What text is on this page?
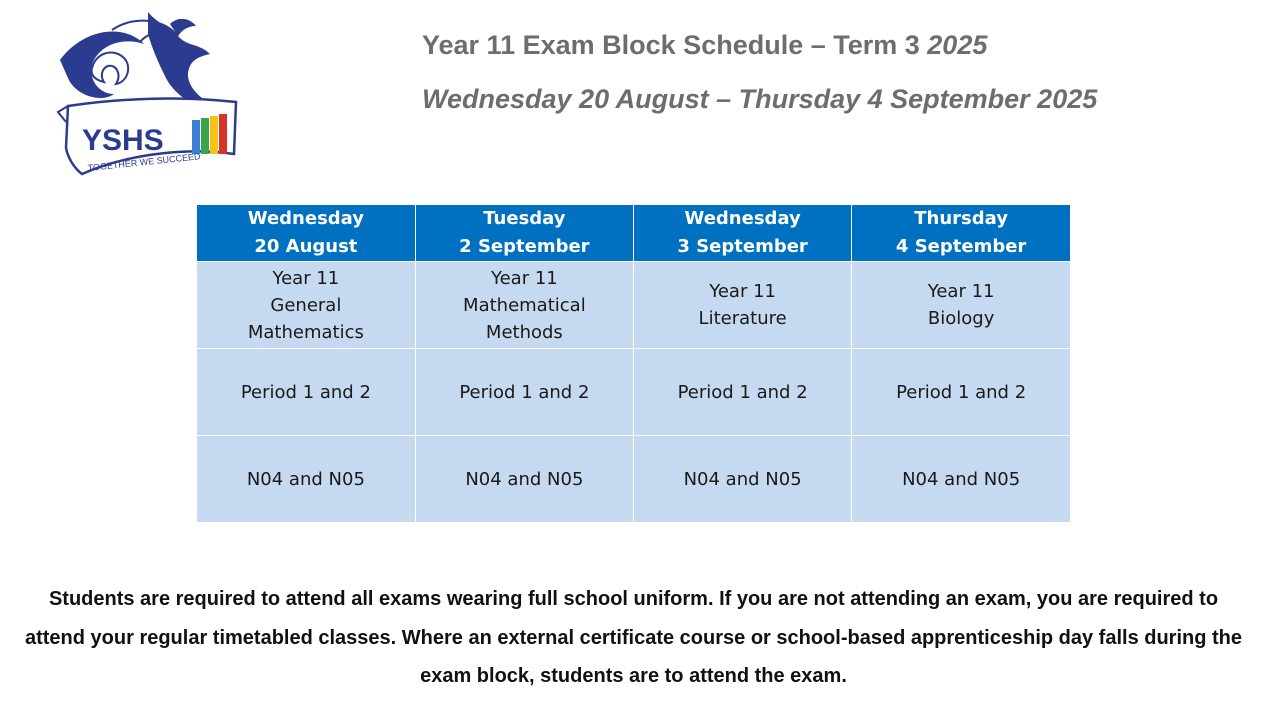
YSHS
TOGETHER WE SUCCEED
Year 11 Exam Block Schedule – Term 3 2025
Wednesday 20 August – Thursday 4 September 2025
Wednesday
20 August	Tuesday
2 September	Wednesday
3 September	Thursday
4 September

Year 11
General
Mathematics	Year 11
Mathematical
Methods	Year 11
Literature	Year 11
Biology

Period 1 and 2	Period 1 and 2	Period 1 and 2	Period 1 and 2
N04 and N05	N04 and N05	N04 and N05	N04 and N05

Students are required to attend all exams wearing full school uniform. If you are not attending an exam, you are required to attend your regular timetabled classes. Where an external certificate course or school-based apprenticeship day falls during the exam block, students are to attend the exam.
